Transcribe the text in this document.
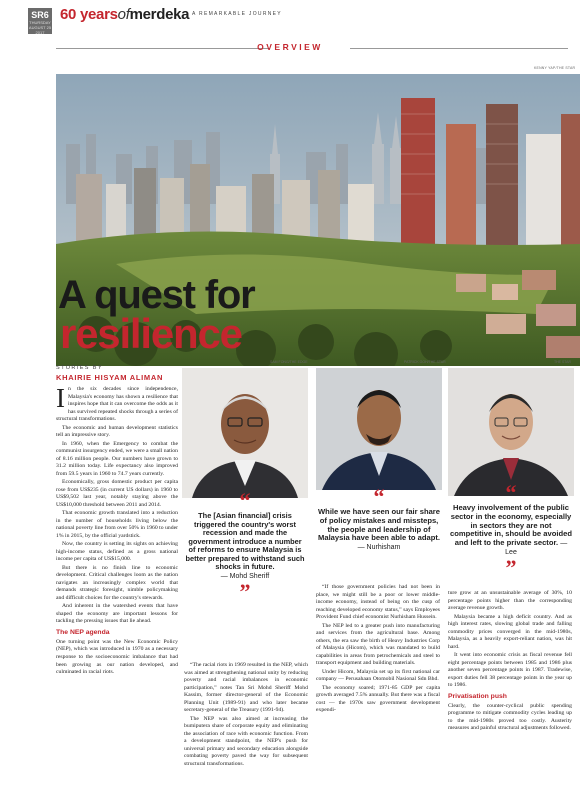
SR6
THURSDAY AUGUST 25 2017
60 yearsofmerdeka A REMARKABLE JOURNEY
OVERVIEW
KENNY YAP/THE STAR
A quest for
resilience
STORIES BY
KHAIRIE HISYAM ALIMAN
SAM FONG/THE EDGE	PATRICK GOH/THE STAR	THE STAR
“
The [Asian financial] crisis triggered the country's worst recession and made the government introduce a number of reforms to ensure Malaysia is better prepared to withstand such shocks in future.
— Mohd Sheriff
”
“
While we have seen our fair share of policy mistakes and missteps, the people and leadership of Malaysia have been able to adapt. — Nurhisham
“
Heavy involvement of the public sector in the economy, especially in sectors they are not competitive in, should be avoided and left to the private sector. — Lee
”

In the six decades since independence, Malaysia's economy has shown a resilience that inspires hope that it can overcome the odds as it has survived repeated shocks through a series of structural transformations.

The economic and human development statistics tell an impressive story.

In 1960, when the Emergency to combat the communist insurgency ended, we were a small nation of 8.16 million people. Our numbers have grown to 31.2 million today. Life expectancy also improved from 59.5 years in 1960 to 74.7 years currently.

Economically, gross domestic product per capita rose from US$235 (in current US dollars) in 1960 to US$9,502 last year, notably staying above the US$10,000 threshold between 2011 and 2014.

That economic growth translated into a reduction in the number of households living below the national poverty line from over 50% in 1960 to under 1% in 2015, by the official yardstick.

Now, the country is setting its sights on achieving high-income status, defined as a gross national income per capita of US$15,000.

But there is no finish line to economic development. Critical challenges loom as the nation navigates an increasingly complex world that demands strategic foresight, nimble policymaking and difficult choices for the country's stewards.

And inherent in the watershed events that have shaped the economy are important lessons for tackling the pressing issues that lie ahead.

The NEP agenda

One turning point was the New Economic Policy (NEP), which was introduced in 1970 as a necessary response to the socioeconomic imbalance that had been growing as our nation developed, and culminated in racial riots.

“The racial riots in 1969 resulted in the NEP, which was aimed at strengthening national unity by reducing poverty and racial imbalances in economic participation,” notes Tan Sri Mohd Sheriff Mohd Kassim, former director-general of the Economic Planning Unit (1989-91) and who later became secretary-general of the Treasury (1991-94).

The NEP was also aimed at increasing the bumiputera share of corporate equity and eliminating the association of race with economic function. From a development standpoint, the NEP's push for universal primary and secondary education alongside combating poverty paved the way for subsequent structural transformations.

“If those government policies had not been in place, we might still be a poor or lower middle-income economy, instead of being on the cusp of reaching developed economy status,” says Employees Provident Fund chief economist Nurhisham Hussein.

The NEP led to a greater push into manufacturing and services from the agricultural base. Among others, the era saw the birth of Heavy Industries Corp of Malaysia (Hicom), which was mandated to build capabilities in areas from petrochemicals and steel to transport equipment and building materials.

Under Hicom, Malaysia set up its first national car company — Perusahaan Otomobil Nasional Sdn Bhd.

The economy soared; 1971-85 GDP per capita growth averaged 7.5% annually. But there was a fiscal cost — the 1970s saw government development expendi-

ture grow at an unsustainable average of 30%, 10 percentage points higher than the corresponding average revenue growth.

Malaysia became a high deficit country. And as high interest rates, slowing global trade and falling commodity prices converged in the mid-1980s, Malaysia, as a heavily export-reliant nation, was hit hard.

It went into economic crisis as fiscal revenue fell eight percentage points between 1985 and 1986 plus another seven percentage points in 1987. Tradewise, export duties fell 38 percentage points in the year up to 1986.

Privatisation push

Clearly, the counter-cyclical public spending programme to mitigate commodity cycles leading up to the mid-1980s proved too costly. Austerity measures and painful structural adjustments followed.
